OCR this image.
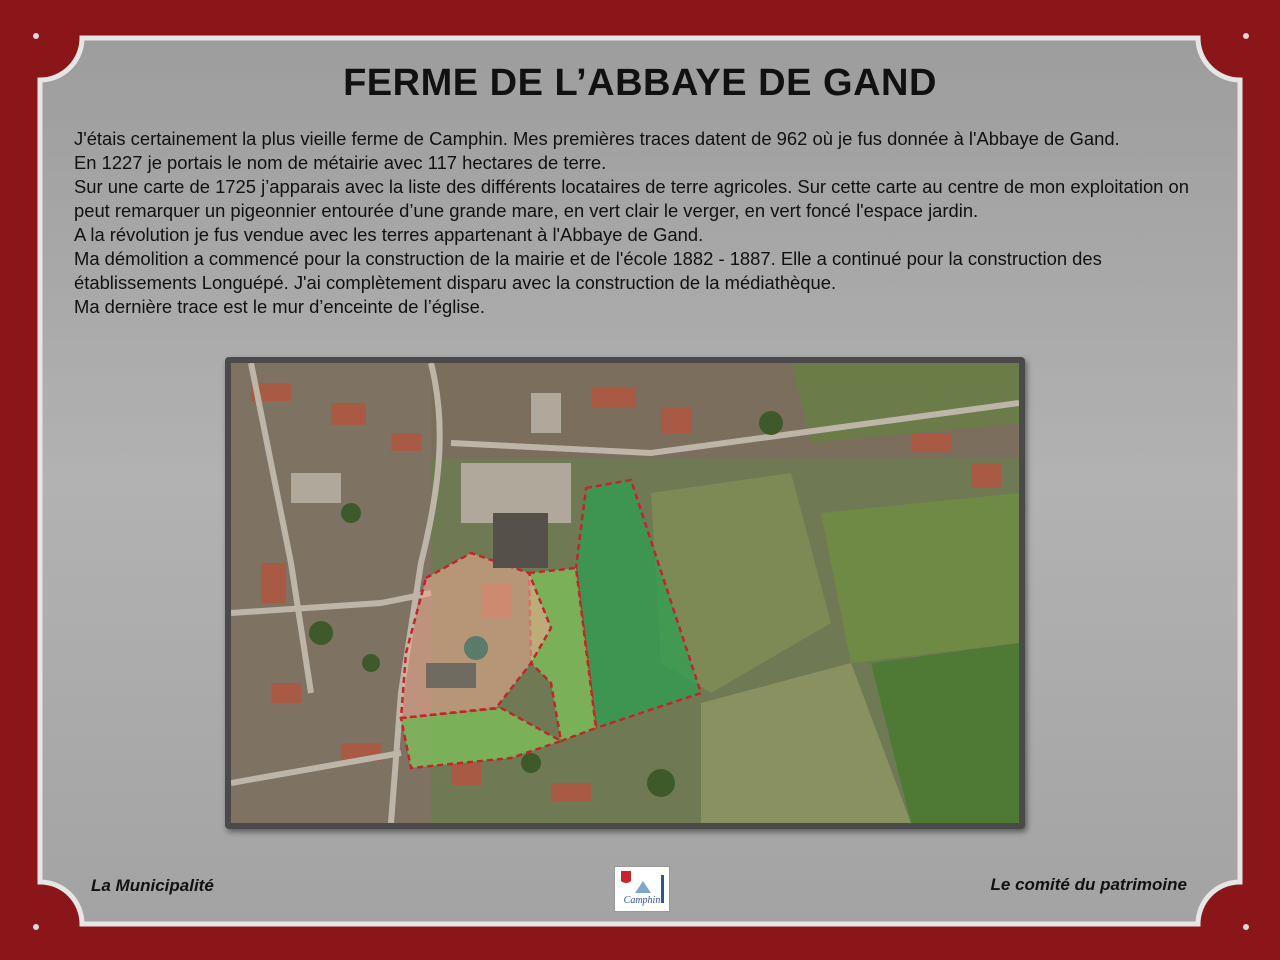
FERME DE L’ABBAYE DE GAND

J'étais certainement la plus vieille ferme de Camphin. Mes premières traces datent de 962 où je fus donnée à l'Abbaye de Gand.

En 1227 je portais le nom de métairie avec 117 hectares de terre.

Sur une carte de 1725 j’apparais avec la liste des différents locataires de terre agricoles. Sur cette carte au centre de mon exploitation on peut remarquer un pigeonnier entourée d’une grande mare, en vert clair le verger, en vert foncé l'espace jardin.

A la révolution je fus vendue avec les terres appartenant à l'Abbaye de Gand.

Ma démolition a commencé pour la construction de la mairie et de l'école 1882 - 1887. Elle a continué pour la construction des établissements Longuépé. J'ai complètement disparu avec la construction de la médiathèque.

Ma dernière trace est le mur d’enceinte de l’église.

La Municipalité
Camphin
Le comité du patrimoine
